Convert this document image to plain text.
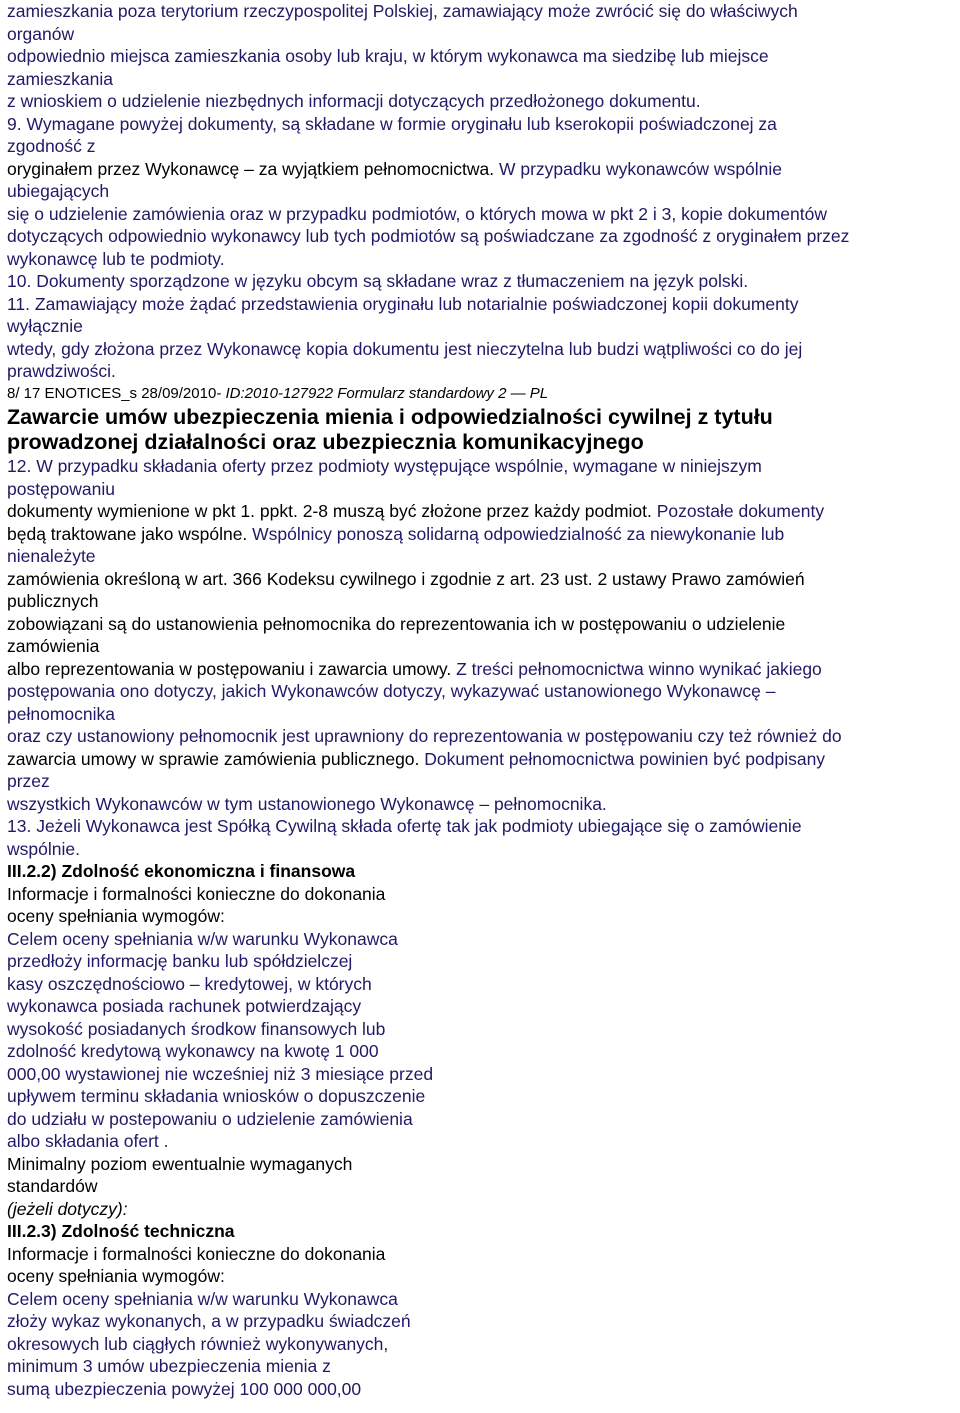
zamieszkania poza terytorium rzeczypospolitej Polskiej, zamawiający może zwrócić się do właściwych
organów
odpowiednio miejsca zamieszkania osoby lub kraju, w którym wykonawca ma siedzibę lub miejsce
zamieszkania
z wnioskiem o udzielenie niezbędnych informacji dotyczących przedłożonego dokumentu.
9. Wymagane powyżej dokumenty, są składane w formie oryginału lub kserokopii poświadczonej za
zgodność z
oryginałem przez Wykonawcę – za wyjątkiem pełnomocnictwa. W przypadku wykonawców wspólnie
ubiegających
się o udzielenie zamówienia oraz w przypadku podmiotów, o których mowa w pkt 2 i 3, kopie dokumentów
dotyczących odpowiednio wykonawcy lub tych podmiotów są poświadczane za zgodność z oryginałem przez
wykonawcę lub te podmioty.
10. Dokumenty sporządzone w języku obcym są składane wraz z tłumaczeniem na język polski.
11. Zamawiający może żądać przedstawienia oryginału lub notarialnie poświadczonej kopii dokumenty
wyłącznie
wtedy, gdy złożona przez Wykonawcę kopia dokumentu jest nieczytelna lub budzi wątpliwości co do jej
prawdziwości.
8/ 17 ENOTICES_s 28/09/2010- ID:2010-127922 Formularz standardowy 2 ― PL
Zawarcie umów ubezpieczenia mienia i odpowiedzialności cywilnej z tytułu
prowadzonej działalności oraz ubezpiecznia komunikacyjnego
12. W przypadku składania oferty przez podmioty występujące wspólnie, wymagane w niniejszym
postępowaniu
dokumenty wymienione w pkt 1. ppkt. 2-8 muszą być złożone przez każdy podmiot. Pozostałe dokumenty
będą traktowane jako wspólne. Wspólnicy ponoszą solidarną odpowiedzialność za niewykonanie lub
nienależyte
zamówienia określoną w art. 366 Kodeksu cywilnego i zgodnie z art. 23 ust. 2 ustawy Prawo zamówień
publicznych
zobowiązani są do ustanowienia pełnomocnika do reprezentowania ich w postępowaniu o udzielenie
zamówienia
albo reprezentowania w postępowaniu i zawarcia umowy. Z treści pełnomocnictwa winno wynikać jakiego
postępowania ono dotyczy, jakich Wykonawców dotyczy, wykazywać ustanowionego Wykonawcę –
pełnomocnika
oraz czy ustanowiony pełnomocnik jest uprawniony do reprezentowania w postępowaniu czy też również do
zawarcia umowy w sprawie zamówienia publicznego. Dokument pełnomocnictwa powinien być podpisany
przez
wszystkich Wykonawców w tym ustanowionego Wykonawcę – pełnomocnika.
13. Jeżeli Wykonawca jest Spółką Cywilną składa ofertę tak jak podmioty ubiegające się o zamówienie
wspólnie.
III.2.2) Zdolność ekonomiczna i finansowa
Informacje i formalności konieczne do dokonania
oceny spełniania wymogów:
Celem oceny spełniania w/w warunku Wykonawca
przedłoży informację banku lub spółdzielczej
kasy oszczędnościowo – kredytowej, w których
wykonawca posiada rachunek potwierdzający
wysokość posiadanych środkow finansowych lub
zdolność kredytową wykonawcy na kwotę 1 000
000,00 wystawionej nie wcześniej niż 3 miesiące przed
upływem terminu składania wniosków o dopuszczenie
do udziału w postepowaniu o udzielenie zamówienia
albo składania ofert .
Minimalny poziom ewentualnie wymaganych
standardów
(jeżeli dotyczy):
III.2.3) Zdolność techniczna
Informacje i formalności konieczne do dokonania
oceny spełniania wymogów:
Celem oceny spełniania w/w warunku Wykonawca
złoży wykaz wykonanych, a w przypadku świadczeń
okresowych lub ciągłych również wykonywanych,
minimum 3 umów ubezpieczenia mienia z
sumą ubezpieczenia powyżej 100 000 000,00
